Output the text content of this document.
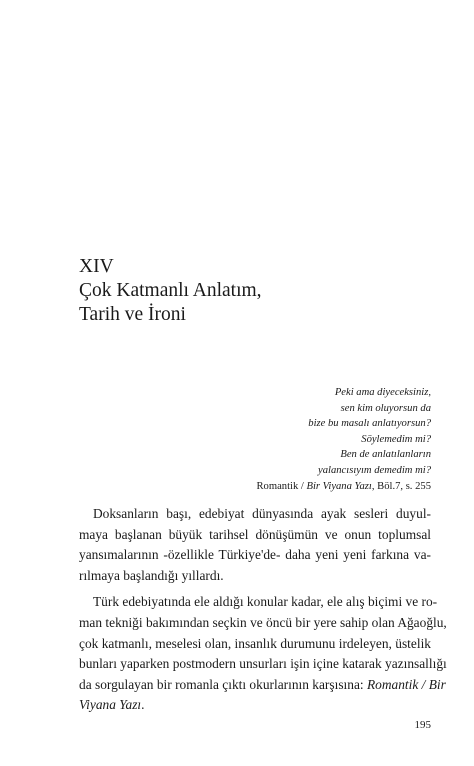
XIV
Çok Katmanlı Anlatım,
Tarih ve İroni
Peki ama diyeceksiniz,
sen kim oluyorsun da
bize bu masalı anlatıyorsun?
Söylemedim mi?
Ben de anlatılanların
yalancısıyım demedim mi?
Romantik / Bir Viyana Yazı, Böl.7, s. 255
Doksanların başı, edebiyat dünyasında ayak sesleri duyul-
maya başlanan büyük tarihsel dönüşümün ve onun toplumsal
yansımalarının -özellikle Türkiye'de- daha yeni yeni farkına va-
rılmaya başlandığı yıllardı.
Türk edebiyatında ele aldığı konular kadar, ele alış biçimi ve ro-
man tekniği bakımından seçkin ve öncü bir yere sahip olan Ağaoğlu,
çok katmanlı, meselesi olan, insanlık durumunu irdeleyen, üstelik
bunları yaparken postmodern unsurları işin içine katarak yazınsallığı
da sorgulayan bir romanla çıktı okurlarının karşısına: Romantik / Bir
Viyana Yazı.
195
